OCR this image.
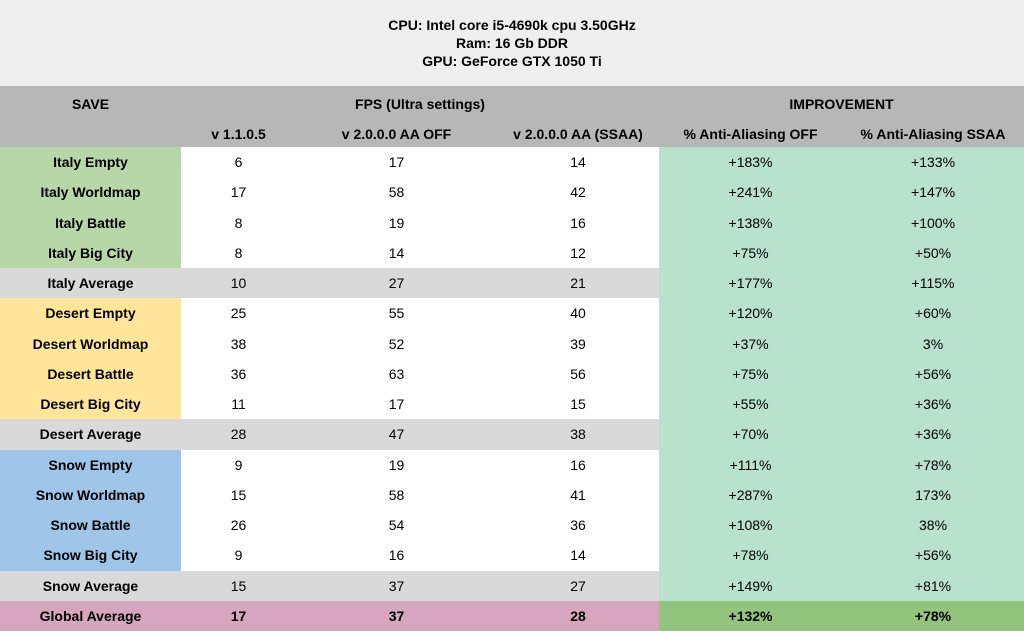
CPU: Intel core i5-4690k cpu 3.50GHz
Ram: 16 Gb DDR
GPU: GeForce GTX 1050 Ti
SAVE	FPS (Ultra settings)			IMPROVEMENT	
	v 1.1.0.5	v 2.0.0.0 AA OFF	v 2.0.0.0 AA (SSAA)	% Anti-Aliasing OFF	% Anti-Aliasing SSAA
Italy Empty	6	17	14	+183%	+133%
Italy Worldmap	17	58	42	+241%	+147%
Italy Battle	8	19	16	+138%	+100%
Italy Big City	8	14	12	+75%	+50%
Italy Average	10	27	21	+177%	+115%
Desert Empty	25	55	40	+120%	+60%
Desert Worldmap	38	52	39	+37%	3%
Desert Battle	36	63	56	+75%	+56%
Desert Big City	11	17	15	+55%	+36%
Desert Average	28	47	38	+70%	+36%
Snow Empty	9	19	16	+111%	+78%
Snow Worldmap	15	58	41	+287%	173%
Snow Battle	26	54	36	+108%	38%
Snow Big City	9	16	14	+78%	+56%
Snow Average	15	37	27	+149%	+81%
Global Average	17	37	28	+132%	+78%
